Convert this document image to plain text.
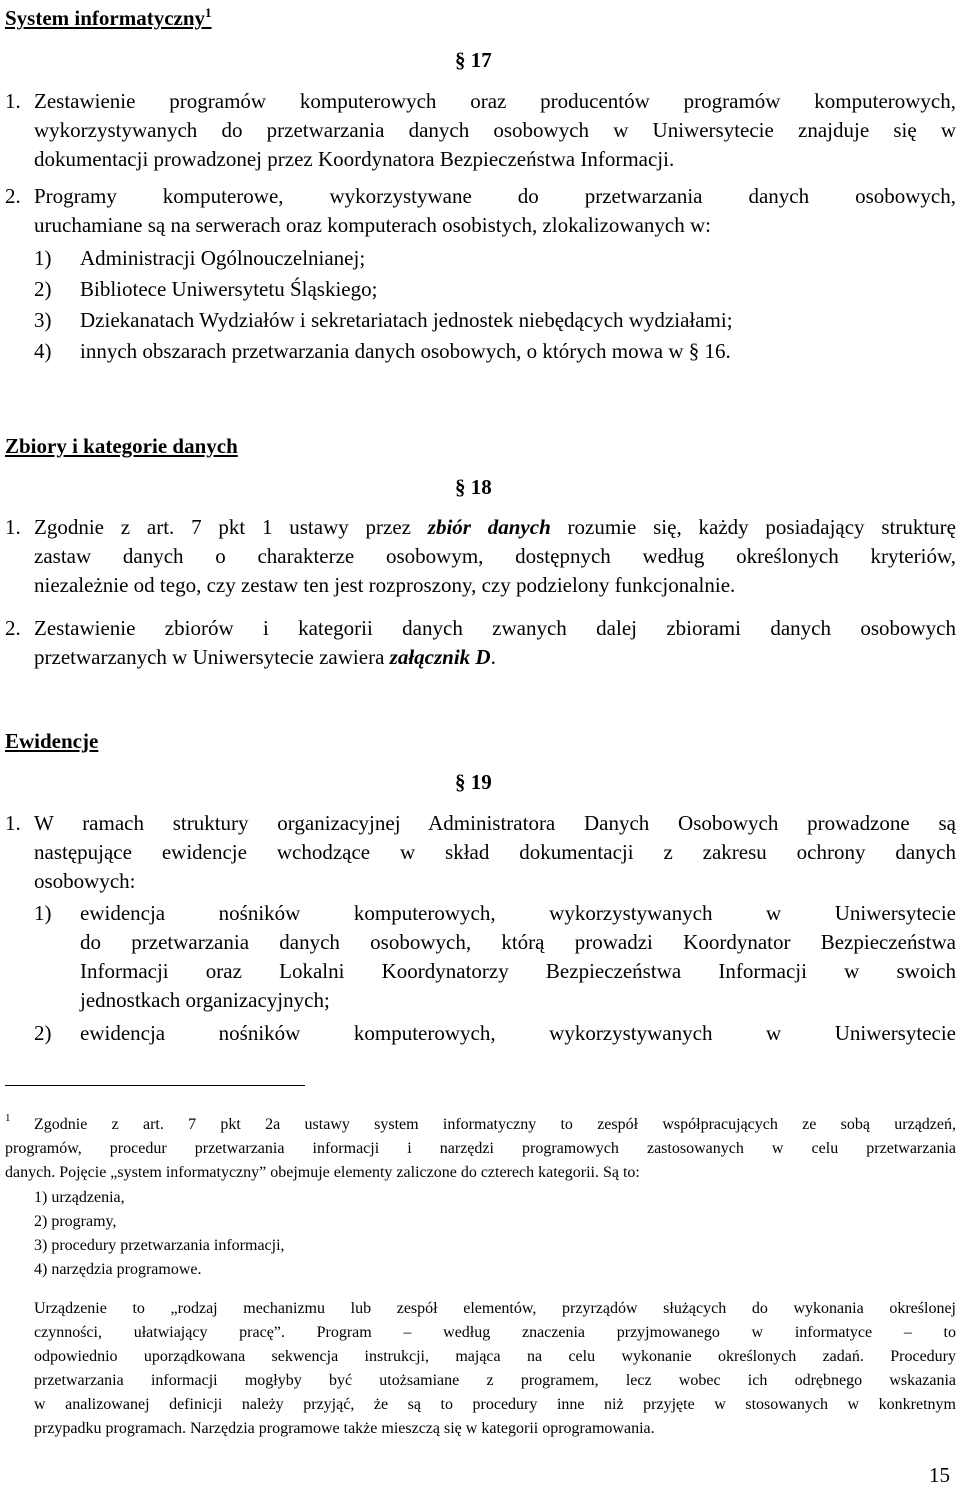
System informatyczny$^1$
§ 17
1. Zestawienie programów komputerowych oraz producentów programów komputerowych,
wykorzystywanych do przetwarzania danych osobowych w Uniwersytecie znajduje się w
dokumentacji prowadzonej przez Koordynatora Bezpieczeństwa Informacji.
2. Programy komputerowe, wykorzystywane do przetwarzania danych osobowych,
uruchamiane są na serwerach oraz komputerach osobistych, zlokalizowanych w:
1) Administracji Ogólnouczelnianej;
2) Bibliotece Uniwersytetu Śląskiego;
3) Dziekanatach Wydziałów i sekretariatach jednostek niebędących wydziałami;
4) innych obszarach przetwarzania danych osobowych, o których mowa w § 16.
Zbiory i kategorie danych
§ 18
1. Zgodnie z art. 7 pkt 1 ustawy przez zbiór danych rozumie się, każdy posiadający strukturę
zastaw danych o charakterze osobowym, dostępnych według określonych kryteriów,
niezależnie od tego, czy zestaw ten jest rozproszony, czy podzielony funkcjonalnie.
2. Zestawienie zbiorów i kategorii danych zwanych dalej zbiorami danych osobowych
przetwarzanych w Uniwersytecie zawiera załącznik D.
Ewidencje
§ 19
1. W ramach struktury organizacyjnej Administratora Danych Osobowych prowadzone są
następujące ewidencje wchodzące w skład dokumentacji z zakresu ochrony danych
osobowych:
1) ewidencja nośników komputerowych, wykorzystywanych w Uniwersytecie
do przetwarzania danych osobowych, którą prowadzi Koordynator Bezpieczeństwa
Informacji oraz Lokalni Koordynatorzy Bezpieczeństwa Informacji w swoich
jednostkach organizacyjnych;
2) ewidencja nośników komputerowych, wykorzystywanych w Uniwersytecie
1 Zgodnie z art. 7 pkt 2a ustawy system informatyczny to zespół współpracujących ze sobą urządzeń,
programów, procedur przetwarzania informacji i narzędzi programowych zastosowanych w celu przetwarzania
danych. Pojęcie „system informatyczny” obejmuje elementy zaliczone do czterech kategorii. Są to:
1) urządzenia,
2) programy,
3) procedury przetwarzania informacji,
4) narzędzia programowe.
Urządzenie to „rodzaj mechanizmu lub zespół elementów, przyrządów służących do wykonania określonej
czynności, ułatwiający pracę”. Program – według znaczenia przyjmowanego w informatyce – to
odpowiednio uporządkowana sekwencja instrukcji, mająca na celu wykonanie określonych zadań. Procedury
przetwarzania informacji mogłyby być utożsamiane z programem, lecz wobec ich odrębnego wskazania
w analizowanej definicji należy przyjąć, że są to procedury inne niż przyjęte w stosowanych w konkretnym
przypadku programach. Narzędzia programowe także mieszczą się w kategorii oprogramowania.
15
